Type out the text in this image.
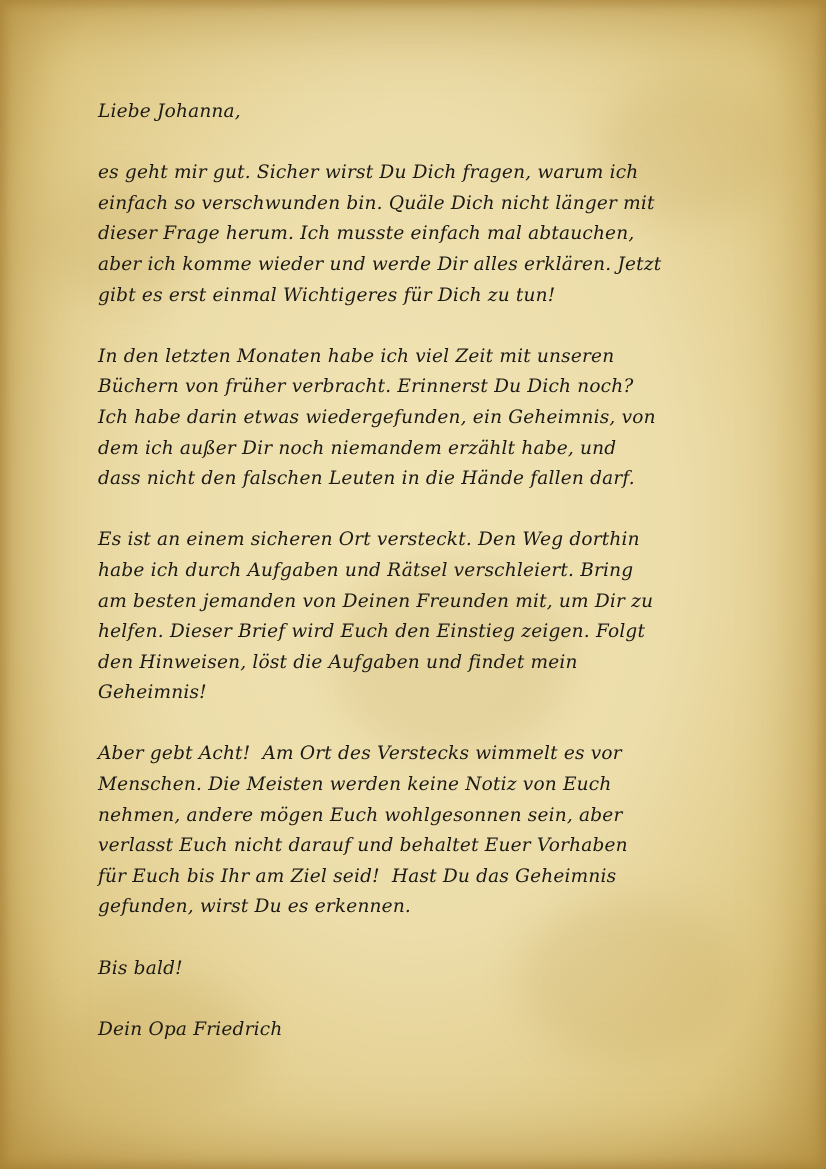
Liebe Johanna,
es geht mir gut. Sicher wirst Du Dich fragen, warum ich
einfach so verschwunden bin. Quäle Dich nicht länger mit
dieser Frage herum. Ich musste einfach mal abtauchen,
aber ich komme wieder und werde Dir alles erklären. Jetzt
gibt es erst einmal Wichtigeres für Dich zu tun!
In den letzten Monaten habe ich viel Zeit mit unseren
Büchern von früher verbracht. Erinnerst Du Dich noch?
Ich habe darin etwas wiedergefunden, ein Geheimnis, von
dem ich außer Dir noch niemandem erzählt habe, und
dass nicht den falschen Leuten in die Hände fallen darf.
Es ist an einem sicheren Ort versteckt. Den Weg dorthin
habe ich durch Aufgaben und Rätsel verschleiert. Bring
am besten jemanden von Deinen Freunden mit, um Dir zu
helfen. Dieser Brief wird Euch den Einstieg zeigen. Folgt
den Hinweisen, löst die Aufgaben und findet mein
Geheimnis!
Aber gebt Acht!  Am Ort des Verstecks wimmelt es vor
Menschen. Die Meisten werden keine Notiz von Euch
nehmen, andere mögen Euch wohlgesonnen sein, aber
verlasst Euch nicht darauf und behaltet Euer Vorhaben
für Euch bis Ihr am Ziel seid!  Hast Du das Geheimnis
gefunden, wirst Du es erkennen.
Bis bald!
Dein Opa Friedrich
